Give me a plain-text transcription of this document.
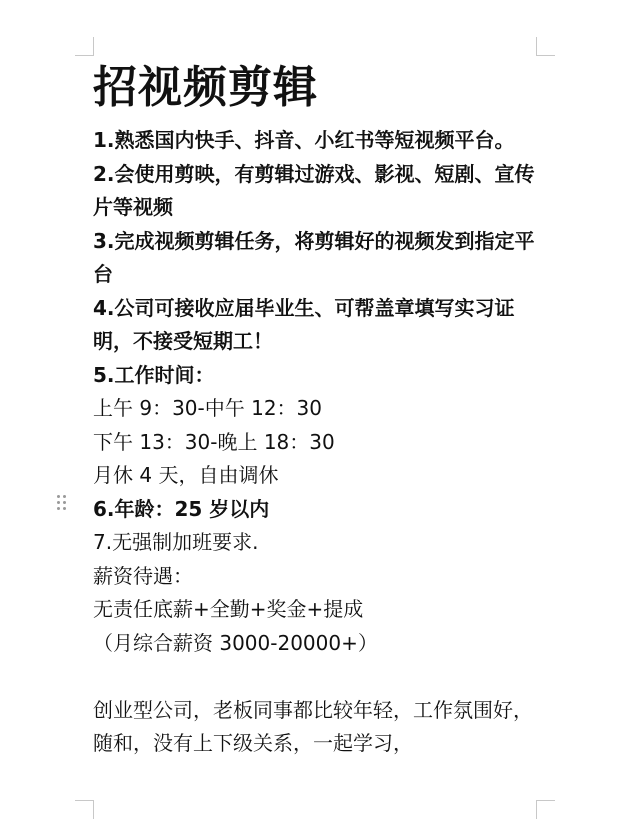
招视频剪辑

1.熟悉国内快手、抖音、小红书等短视频平台。

2.会使用剪映，有剪辑过游戏、影视、短剧、宣传片等视频

3.完成视频剪辑任务，将剪辑好的视频发到指定平台

4.公司可接收应届毕业生、可帮盖章填写实习证明，不接受短期工！

5.工作时间：

上午 9：30-中午 12：30

下午 13：30-晚上 18：30

月休 4 天，自由调休

6.年龄：25 岁以内

7.无强制加班要求.

薪资待遇：

无责任底薪+全勤+奖金+提成

（月综合薪资 3000-20000+）

创业型公司，老板同事都比较年轻，工作氛围好，随和，没有上下级关系，一起学习，
